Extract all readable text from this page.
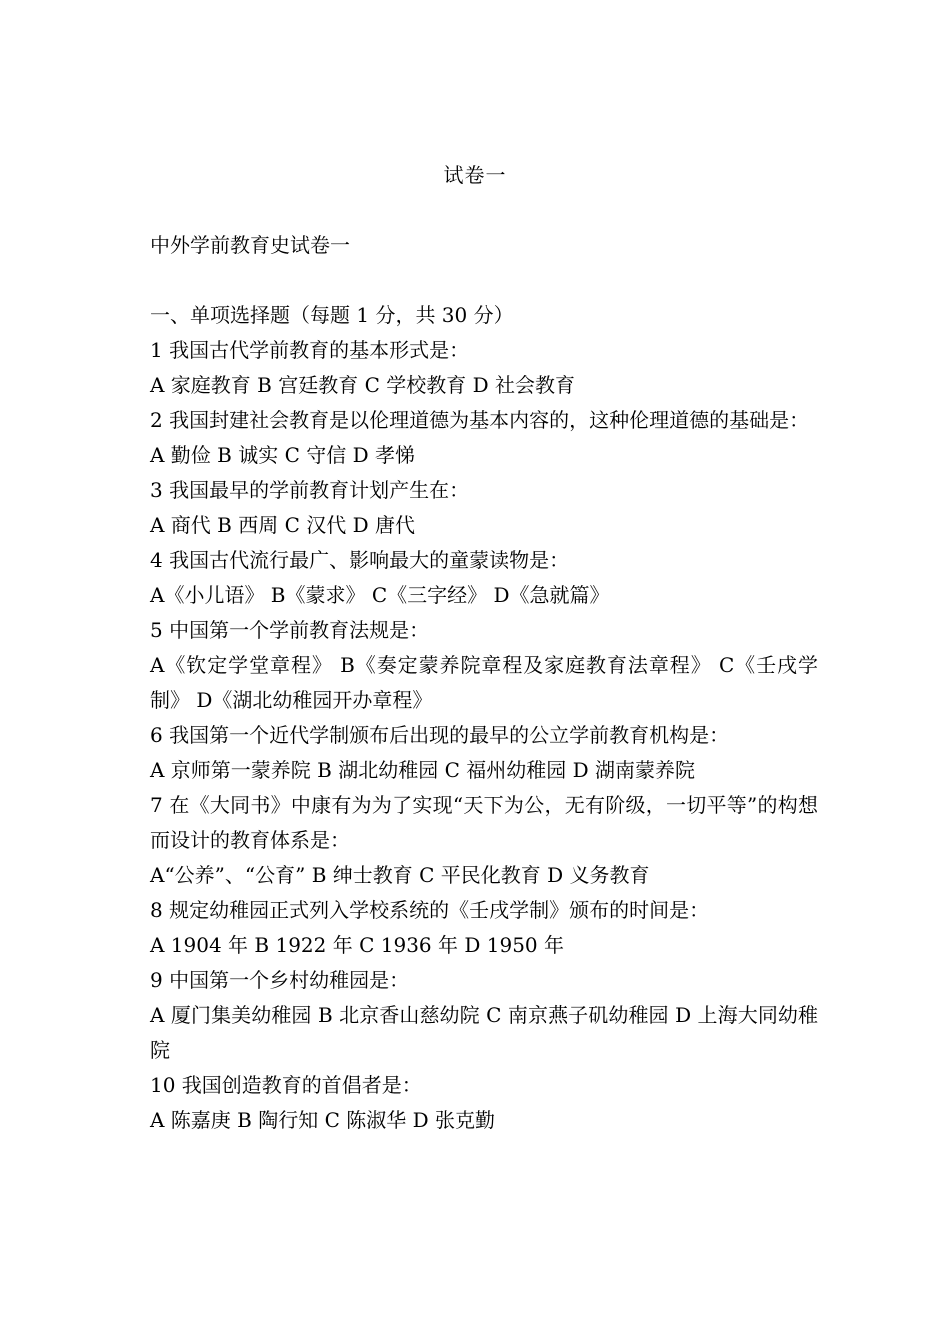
试卷一
中外学前教育史试卷一

一、单项选择题（每题 1 分，共 30 分）

1 我国古代学前教育的基本形式是：

A 家庭教育 B 宫廷教育 C 学校教育 D 社会教育

2 我国封建社会教育是以伦理道德为基本内容的，这种伦理道德的基础是：

A 勤俭 B 诚实 C 守信 D 孝悌

3 我国最早的学前教育计划产生在：

A 商代 B 西周 C 汉代 D 唐代

4 我国古代流行最广、影响最大的童蒙读物是：

A《小儿语》 B《蒙求》 C《三字经》 D《急就篇》

5 中国第一个学前教育法规是：

A《钦定学堂章程》 B《奏定蒙养院章程及家庭教育法章程》 C《壬戌学制》 D《湖北幼稚园开办章程》

6 我国第一个近代学制颁布后出现的最早的公立学前教育机构是：

A 京师第一蒙养院 B 湖北幼稚园 C 福州幼稚园 D 湖南蒙养院

7 在《大同书》中康有为为了实现“天下为公，无有阶级，一切平等”的构想而设计的教育体系是：

A“公养”、“公育” B 绅士教育 C 平民化教育 D 义务教育

8 规定幼稚园正式列入学校系统的《壬戌学制》颁布的时间是：

A 1904 年 B 1922 年 C 1936 年 D 1950 年

9 中国第一个乡村幼稚园是：

A 厦门集美幼稚园 B 北京香山慈幼院 C 南京燕子矶幼稚园 D 上海大同幼稚院

10 我国创造教育的首倡者是：

A 陈嘉庚 B 陶行知 C 陈淑华 D 张克勤
